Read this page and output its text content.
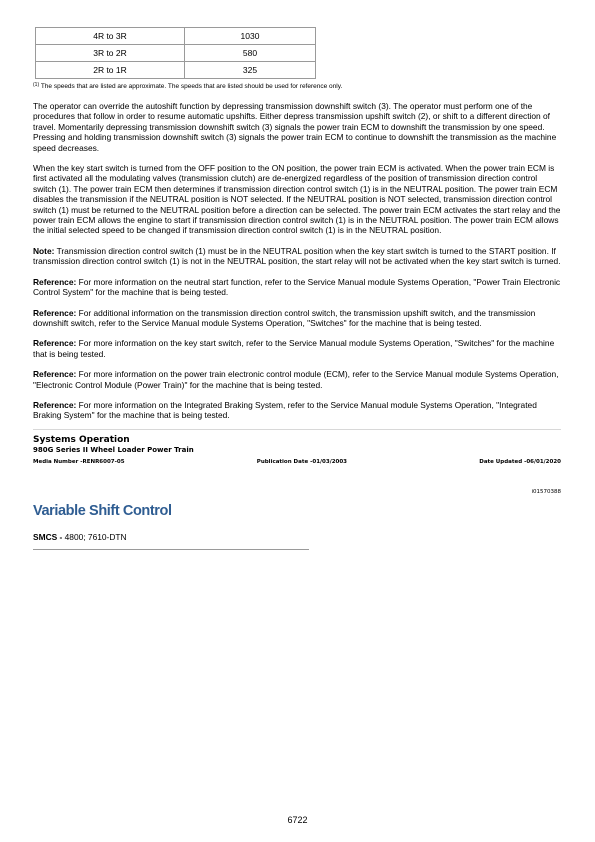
4R to 3R	1030
3R to 2R	580
2R to 1R	325
$^{(1)}$ The speeds that are listed are approximate. The speeds that are listed should be used for reference only.

The operator can override the autoshift function by depressing transmission downshift switch (3). The operator must perform one of the procedures that follow in order to resume automatic upshifts. Either depress transmission upshift switch (2), or shift to a different direction of travel. Momentarily depressing transmission downshift switch (3) signals the power train ECM to downshift the transmission by one speed. Pressing and holding transmission downshift switch (3) signals the power train ECM to continue to downshift the transmission as the machine speed decreases.

When the key start switch is turned from the OFF position to the ON position, the power train ECM is activated. When the power train ECM is first activated all the modulating valves (transmission clutch) are de-energized regardless of the position of transmission direction control switch (1). The power train ECM then determines if transmission direction control switch (1) is in the NEUTRAL position. The power train ECM disables the transmission if the NEUTRAL position is NOT selected. If the NEUTRAL position is NOT selected, transmission direction control switch (1) must be returned to the NEUTRAL position before a direction can be selected. The power train ECM activates the start relay and the power train ECM allows the engine to start if transmission direction control switch (1) is in the NEUTRAL position. The power train ECM allows the initial selected speed to be changed if transmission direction control switch (1) is in the NEUTRAL position.

Note: Transmission direction control switch (1) must be in the NEUTRAL position when the key start switch is turned to the START position. If transmission direction control switch (1) is not in the NEUTRAL position, the start relay will not be activated when the key start switch is turned.

Reference: For more information on the neutral start function, refer to the Service Manual module Systems Operation, "Power Train Electronic Control System" for the machine that is being tested.

Reference: For additional information on the transmission direction control switch, the transmission upshift switch, and the transmission downshift switch, refer to the Service Manual module Systems Operation, "Switches" for the machine that is being tested.

Reference: For more information on the key start switch, refer to the Service Manual module Systems Operation, "Switches" for the machine that is being tested.

Reference: For more information on the power train electronic control module (ECM), refer to the Service Manual module Systems Operation, "Electronic Control Module (Power Train)" for the machine that is being tested.

Reference: For more information on the Integrated Braking System, refer to the Service Manual module Systems Operation, "Integrated Braking System" for the machine that is being tested.

Systems Operation
980G Series II Wheel Loader Power Train
Media Number -RENR6007-05	Publication Date -01/03/2003	Date Updated -06/01/2020
i01570388
Variable Shift Control
SMCS - 4800; 7610-DTN
6722
